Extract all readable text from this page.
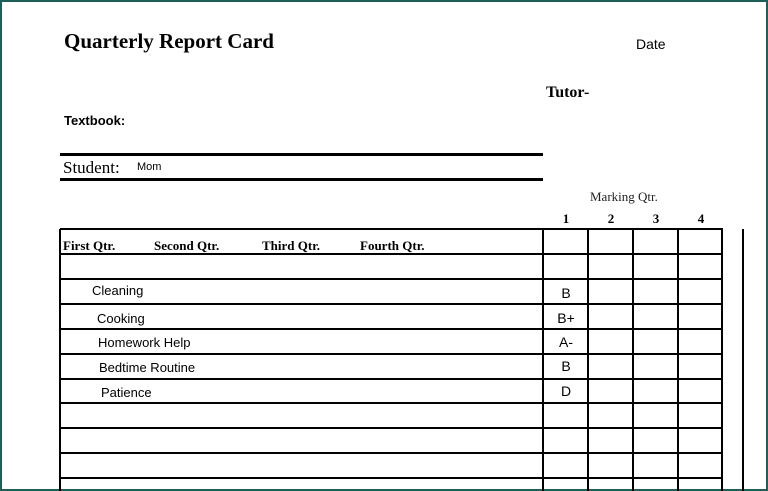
Quarterly Report Card	Date
Tutor-
Textbook:
Student: Mom
Marking Qtr.
1	2	3	4
First Qtr.	Second Qtr.	Third Qtr.	Fourth Qtr.
Cleaning	B
Cooking	B+
Homework Help	A-
Bedtime Routine	B
Patience	D
